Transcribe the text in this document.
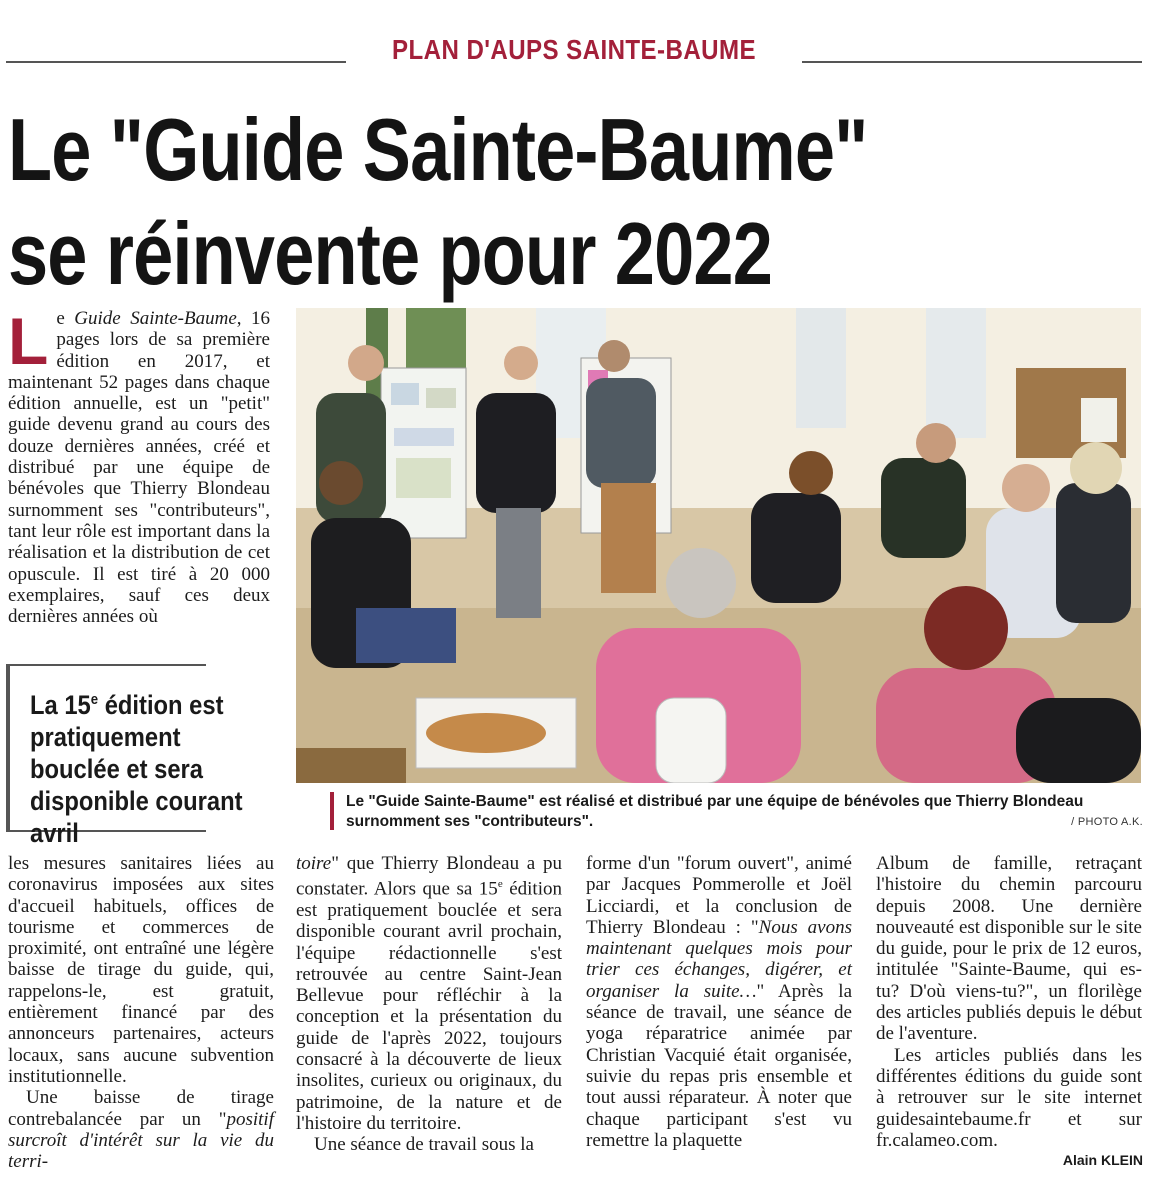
PLAN D'AUPS SAINTE-BAUME
Le "Guide Sainte-Baume"
se réinvente pour 2022

Le Guide Sainte-Baume, 16 pages lors de sa première édition en 2017, et maintenant 52 pages dans chaque édition annuelle, est un "petit" guide devenu grand au cours des douze dernières années, créé et distribué par une équipe de bénévoles que Thierry Blondeau surnomment ses "contributeurs", tant leur rôle est important dans la réalisation et la distribution de cet opuscule. Il est tiré à 20 000 exemplaires, sauf ces deux dernières années où

La 15e édition est pratiquement bouclée et sera disponible courant avril
Le "Guide Sainte-Baume" est réalisé et distribué par une équipe de bénévoles que Thierry Blondeau surnomment ses "contributeurs".	/ PHOTO A.K.

les mesures sanitaires liées au coronavirus imposées aux sites d'accueil habituels, offices de tourisme et commerces de proximité, ont entraîné une légère baisse de tirage du guide, qui, rappelons-le, est gratuit, entièrement financé par des annonceurs partenaires, acteurs locaux, sans aucune subvention institutionnelle.

Une baisse de tirage contrebalancée par un "positif surcroît d'intérêt sur la vie du terri-

toire" que Thierry Blondeau a pu constater. Alors que sa 15e édition est pratiquement bouclée et sera disponible courant avril prochain, l'équipe rédactionnelle s'est retrouvée au centre Saint-Jean Bellevue pour réfléchir à la conception et la présentation du guide de l'après 2022, toujours consacré à la découverte de lieux insolites, curieux ou originaux, du patrimoine, de la nature et de l'histoire du territoire.

Une séance de travail sous la

forme d'un "forum ouvert", animé par Jacques Pommerolle et Joël Licciardi, et la conclusion de Thierry Blondeau : "Nous avons maintenant quelques mois pour trier ces échanges, digérer, et organiser la suite…" Après la séance de travail, une séance de yoga réparatrice animée par Christian Vacquié était organisée, suivie du repas pris ensemble et tout aussi réparateur. À noter que chaque participant s'est vu remettre la plaquette

Album de famille, retraçant l'histoire du chemin parcouru depuis 2008. Une dernière nouveauté est disponible sur le site du guide, pour le prix de 12 euros, intitulée "Sainte-Baume, qui es-tu? D'où viens-tu?", un florilège des articles publiés depuis le début de l'aventure.

Les articles publiés dans les différentes éditions du guide sont à retrouver sur le site internet guidesaintebaume.fr et sur fr.calameo.com.

Alain KLEIN
